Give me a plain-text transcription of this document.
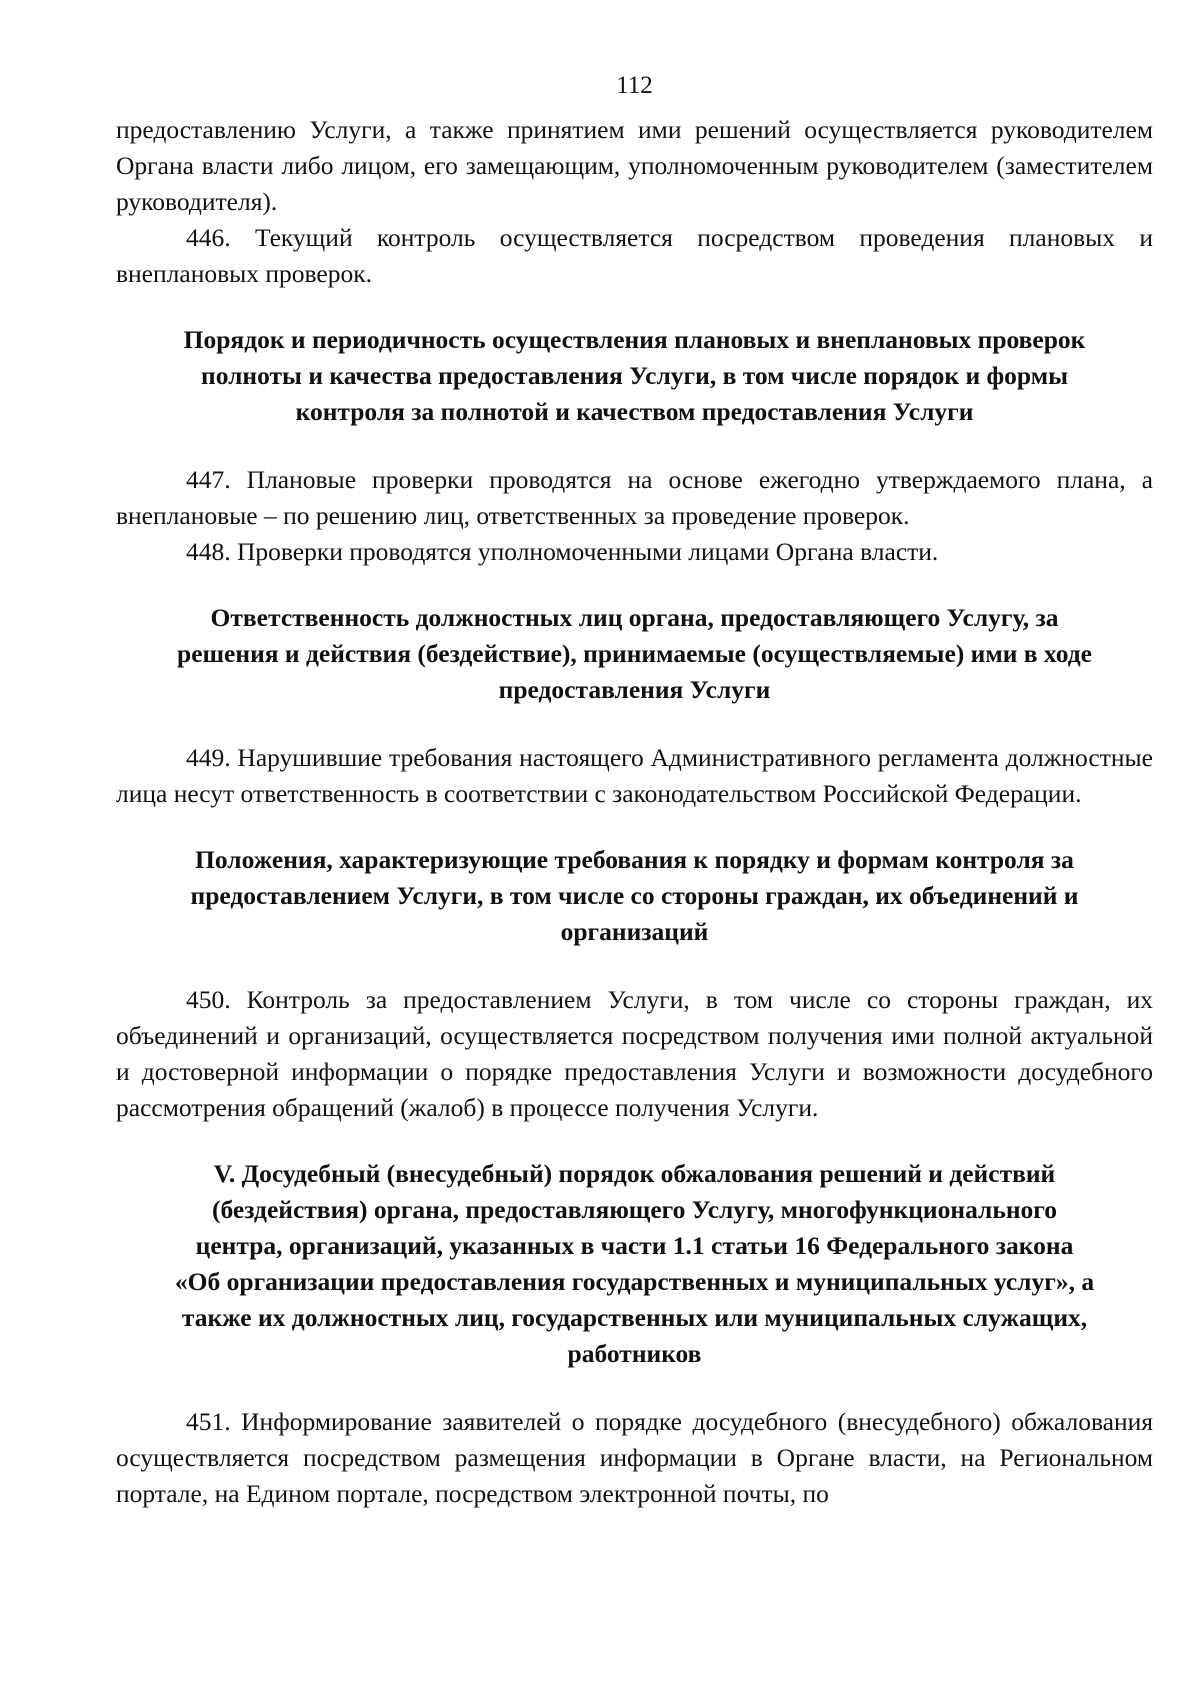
112

предоставлению Услуги, а также принятием ими решений осуществляется руководителем Органа власти либо лицом, его замещающим, уполномоченным руководителем (заместителем руководителя).

446. Текущий контроль осуществляется посредством проведения плановых и внеплановых проверок.

Порядок и периодичность осуществления плановых и внеплановых проверок
полноты и качества предоставления Услуги, в том числе порядок и формы
контроля за полнотой и качеством предоставления Услуги

447. Плановые проверки проводятся на основе ежегодно утверждаемого плана, а внеплановые – по решению лиц, ответственных за проведение проверок.

448. Проверки проводятся уполномоченными лицами Органа власти.

Ответственность должностных лиц органа, предоставляющего Услугу, за
решения и действия (бездействие), принимаемые (осуществляемые) ими в ходе
предоставления Услуги

449. Нарушившие требования настоящего Административного регламента должностные лица несут ответственность в соответствии с законодательством Российской Федерации.

Положения, характеризующие требования к порядку и формам контроля за
предоставлением Услуги, в том числе со стороны граждан, их объединений и
организаций

450. Контроль за предоставлением Услуги, в том числе со стороны граждан, их объединений и организаций, осуществляется посредством получения ими полной актуальной и достоверной информации о порядке предоставления Услуги и возможности досудебного рассмотрения обращений (жалоб) в процессе получения Услуги.

V. Досудебный (внесудебный) порядок обжалования решений и действий
(бездействия) органа, предоставляющего Услугу, многофункционального
центра, организаций, указанных в части 1.1 статьи 16 Федерального закона
«Об организации предоставления государственных и муниципальных услуг», а
также их должностных лиц, государственных или муниципальных служащих,
работников

451. Информирование заявителей о порядке досудебного (внесудебного) обжалования осуществляется посредством размещения информации в Органе власти, на Региональном портале, на Едином портале, посредством электронной почты, по
